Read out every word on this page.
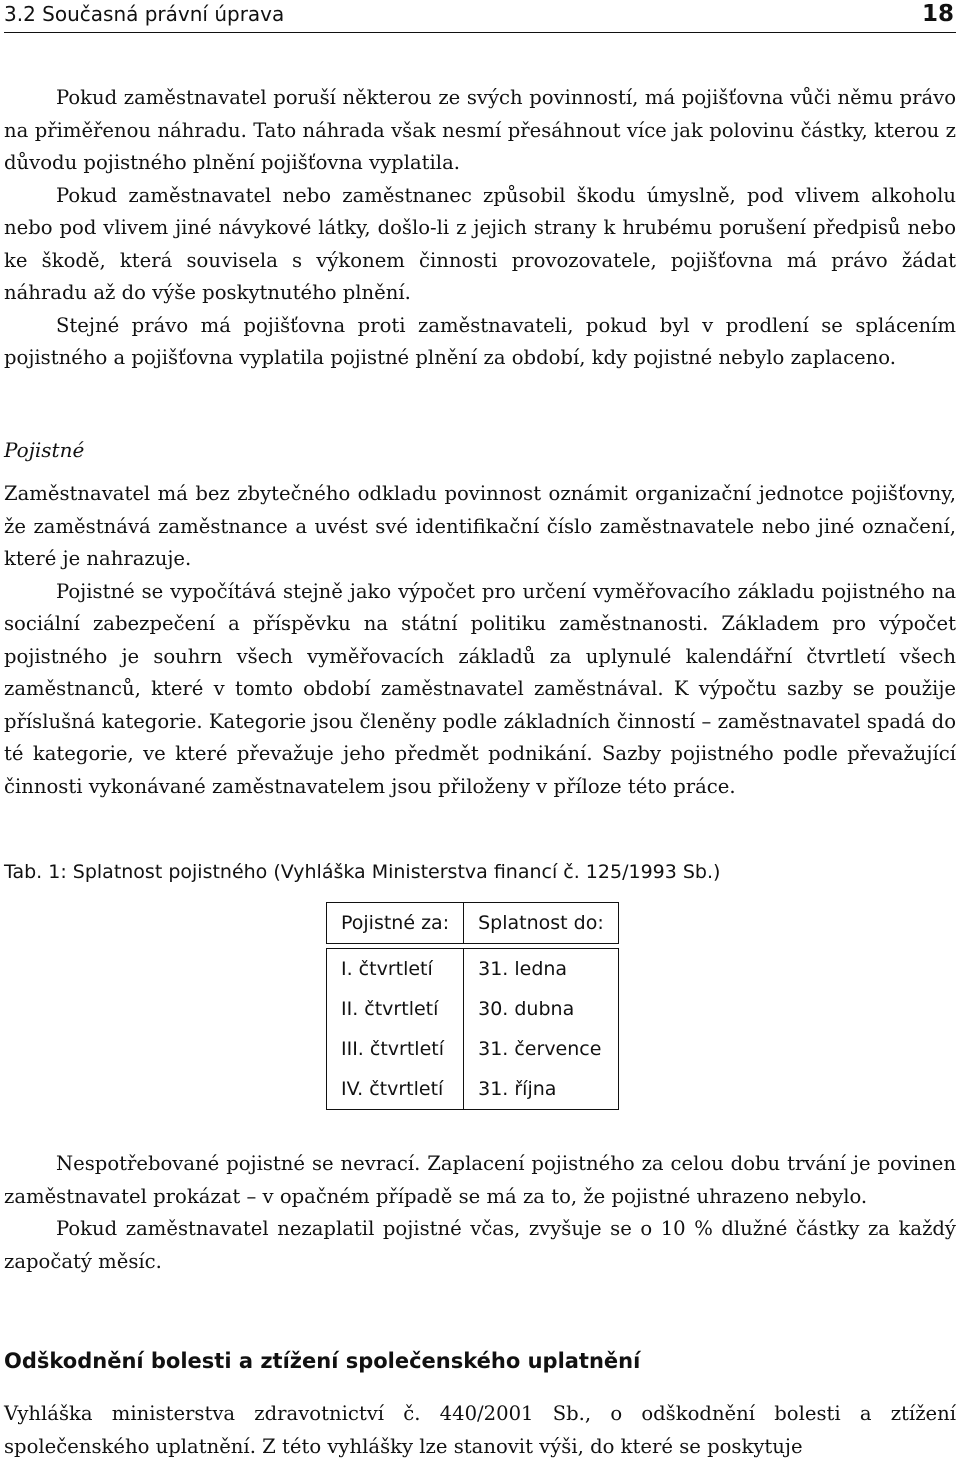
3.2 Současná právní úprava	18

Pokud zaměstnavatel poruší některou ze svých povinností, má pojišťovna vůči němu právo na přiměřenou náhradu. Tato náhrada však nesmí přesáhnout více jak polovinu částky, kterou z důvodu pojistného plnění pojišťovna vyplatila.

Pokud zaměstnavatel nebo zaměstnanec způsobil škodu úmyslně, pod vlivem alkoholu nebo pod vlivem jiné návykové látky, došlo-li z jejich strany k hrubému porušení předpisů nebo ke škodě, která souvisela s výkonem činnosti provozovatele, pojišťovna má právo žádat náhradu až do výše poskytnutého plnění.

Stejné právo má pojišťovna proti zaměstnavateli, pokud byl v prodlení se splácením pojistného a pojišťovna vyplatila pojistné plnění za období, kdy pojistné nebylo zaplaceno.

Pojistné

Zaměstnavatel má bez zbytečného odkladu povinnost oznámit organizační jednotce pojišťovny, že zaměstnává zaměstnance a uvést své identifikační číslo zaměstnavatele nebo jiné označení, které je nahrazuje.

Pojistné se vypočítává stejně jako výpočet pro určení vyměřovacího základu pojistného na sociální zabezpečení a příspěvku na státní politiku zaměstnanosti. Základem pro výpočet pojistného je souhrn všech vyměřovacích základů za uplynulé kalendářní čtvrtletí všech zaměstnanců, které v tomto období zaměstnavatel zaměstnával. K výpočtu sazby se použije příslušná kategorie. Kategorie jsou členěny podle základních činností – zaměstnavatel spadá do té kategorie, ve které převažuje jeho předmět podnikání. Sazby pojistného podle převažující činnosti vykonávané zaměstnavatelem jsou přiloženy v příloze této práce.

Tab. 1: Splatnost pojistného (Vyhláška Ministerstva financí č. 125/1993 Sb.)
Pojistné za:	Splatnost do:

I. čtvrtletí	31. ledna
II. čtvrtletí	30. dubna
III. čtvrtletí	31. července
IV. čtvrtletí	31. října

Nespotřebované pojistné se nevrací. Zaplacení pojistného za celou dobu trvání je povinen zaměstnavatel prokázat – v opačném případě se má za to, že pojistné uhrazeno nebylo.

Pokud zaměstnavatel nezaplatil pojistné včas, zvyšuje se o 10 % dlužné částky za každý započatý měsíc.

Odškodnění bolesti a ztížení společenského uplatnění

Vyhláška ministerstva zdravotnictví č. 440/2001 Sb., o odškodnění bolesti a ztížení společenského uplatnění. Z této vyhlášky lze stanovit výši, do které se poskytuje
